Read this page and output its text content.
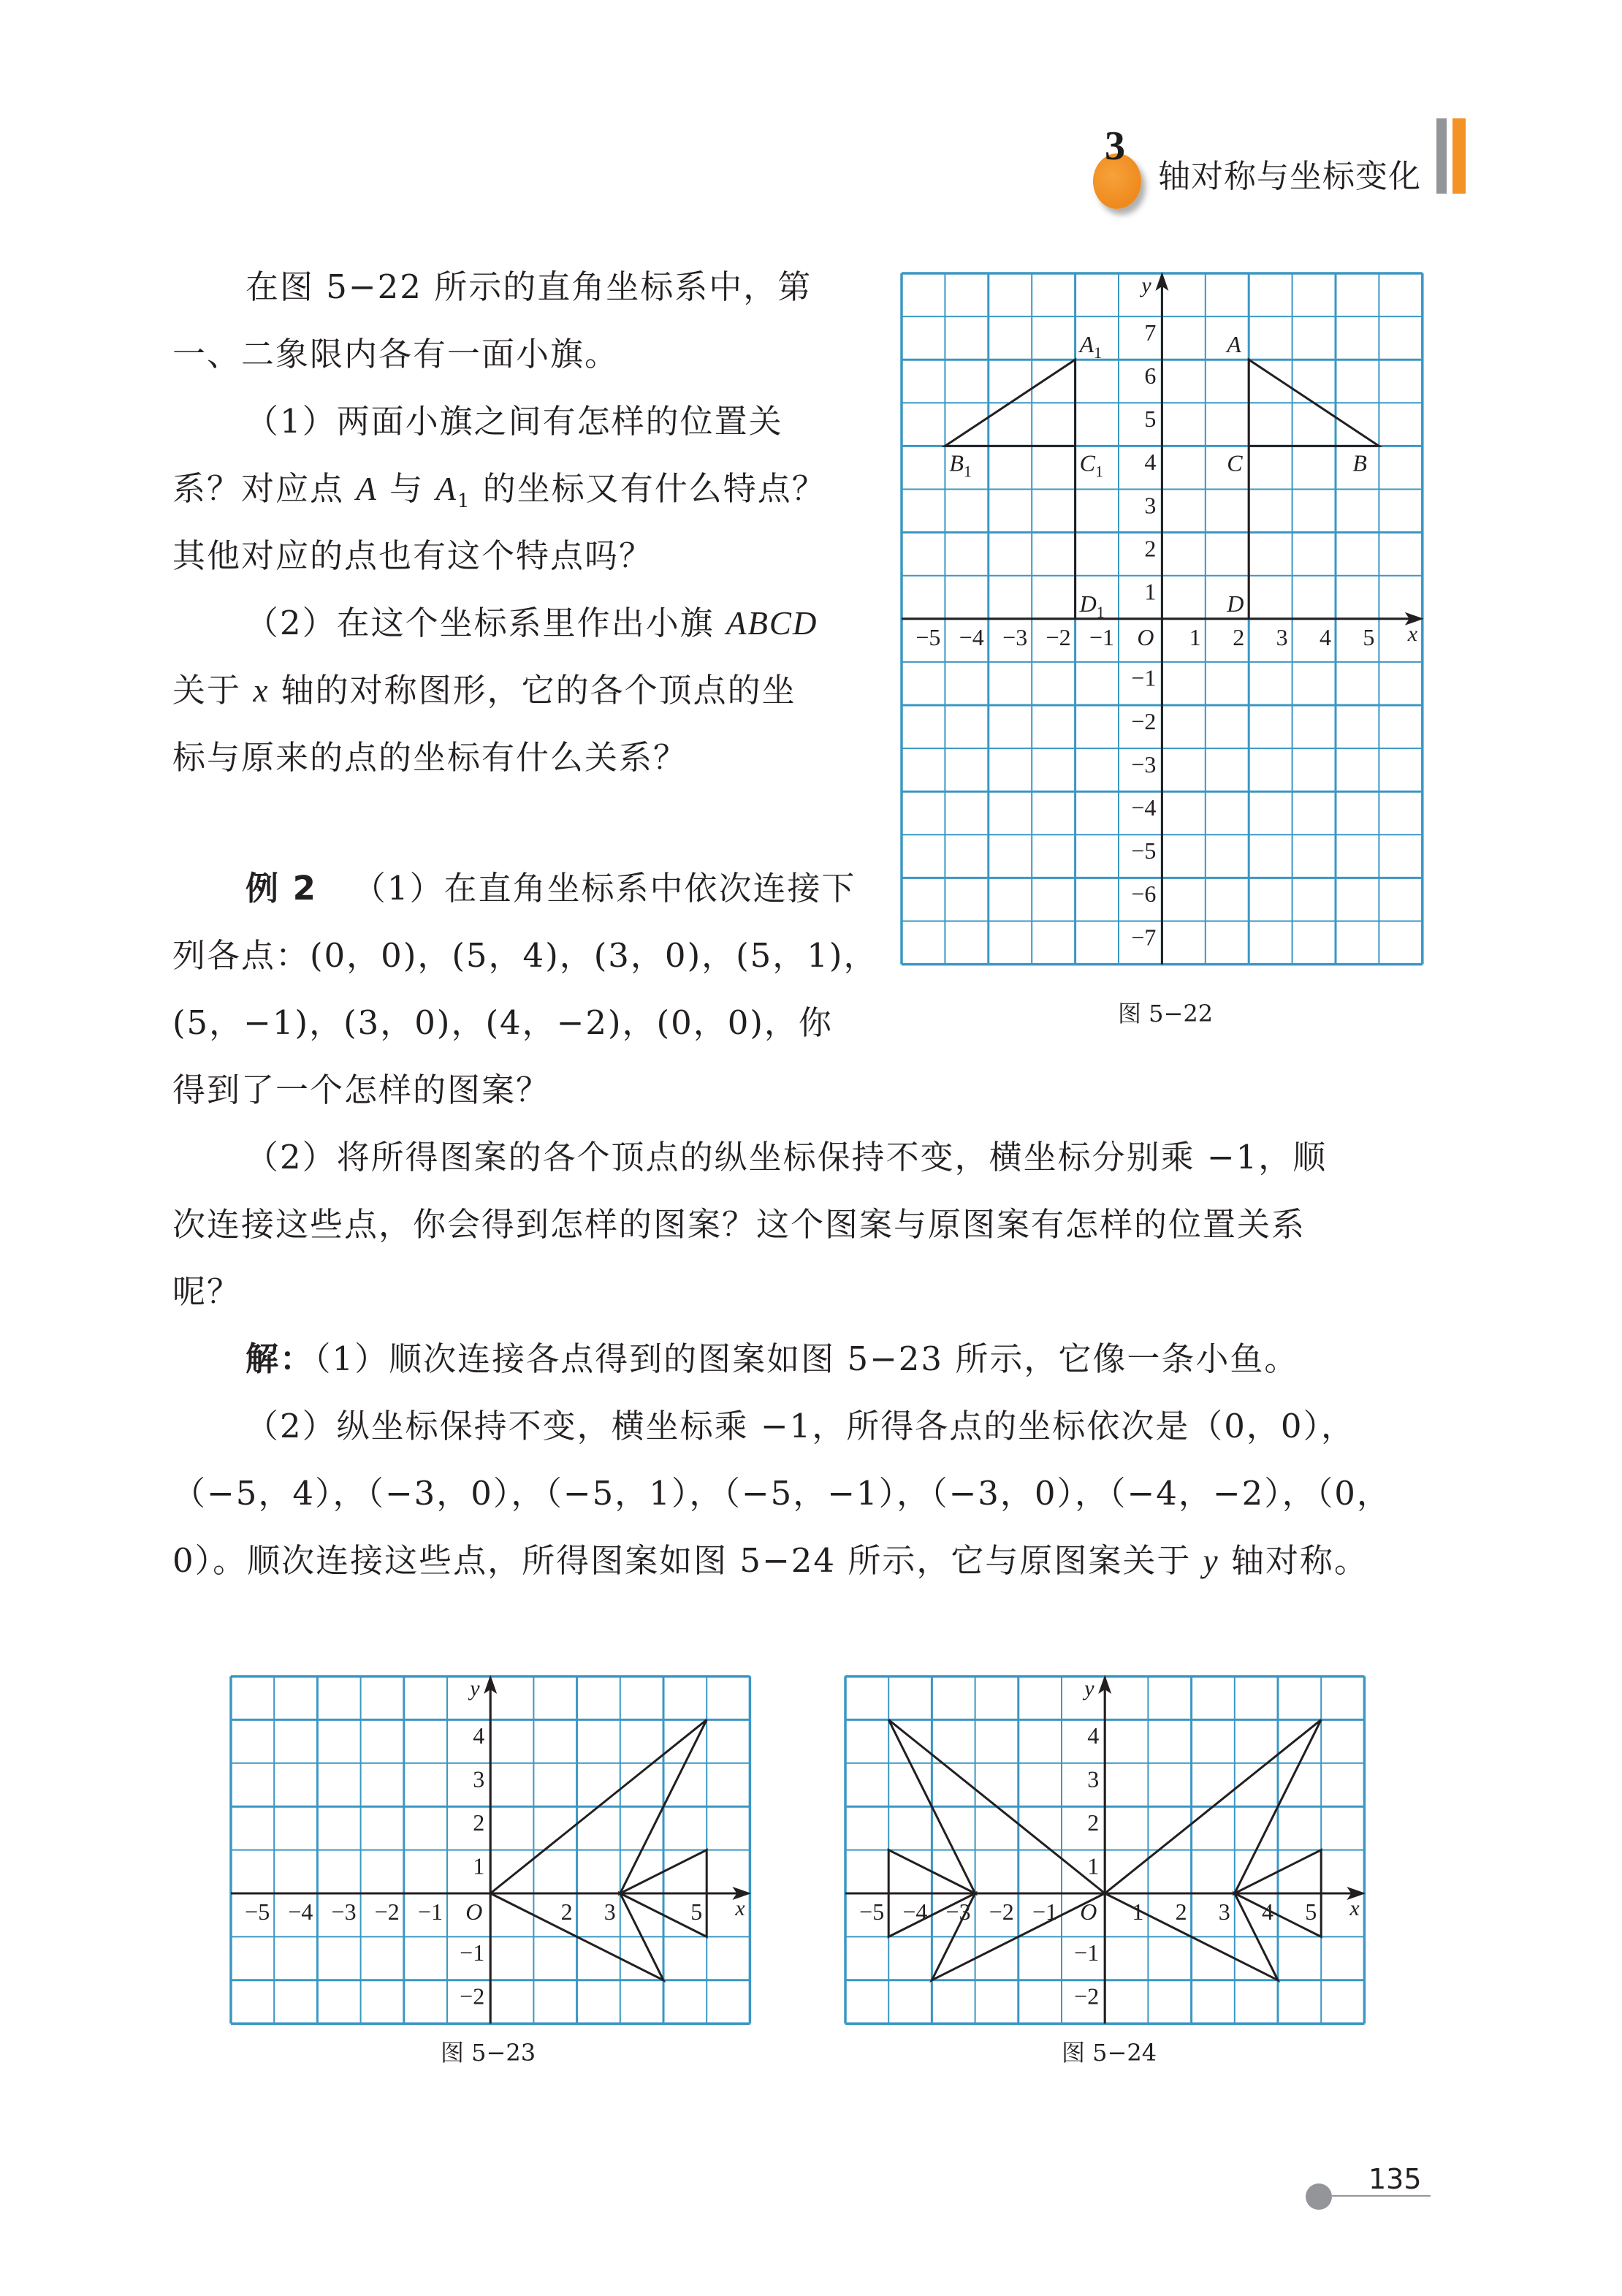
3
轴对称与坐标变化
在图 5−22 所示的直角坐标系中，第
一、二象限内各有一面小旗。
（1）两面小旗之间有怎样的位置关
系？对应点 A 与 $A_1$ 的坐标又有什么特点？
其他对应的点也有这个特点吗？
（2）在这个坐标系里作出小旗 ABCD
关于 x 轴的对称图形，它的各个顶点的坐
标与原来的点的坐标有什么关系？
例 2 （1）在直角坐标系中依次连接下
列各点：(0，0)，(5，4)，(3，0)，(5，1)，
(5，−1)，(3，0)，(4，−2)，(0，0)，你
得到了一个怎样的图案？
（2）将所得图案的各个顶点的纵坐标保持不变，横坐标分别乘 −1，顺
次连接这些点，你会得到怎样的图案？这个图案与原图案有怎样的位置关系
呢？
解：（1）顺次连接各点得到的图案如图 5−23 所示，它像一条小鱼。
（2）纵坐标保持不变，横坐标乘 −1，所得各点的坐标依次是（0，0），
（−5，4），（−3，0），（−5，1），（−5，−1），（−3，0），（−4，−2），（0，
0）。顺次连接这些点，所得图案如图 5−24 所示，它与原图案关于 y 轴对称。
x
y
O
−5 −4 −3 −2 −1	1 2 3 4 5
7
6
5
4
3
2
1
−1
−2
−3
−4
−5
−6
−7
A
B
C
D
$A_1$
$B_1$	$C_1$
$D_1$
图 5−22
x
y
O
−5 −4 −3 −2 −1	2 3	5
4
3
2
1
−1
−2
图 5−23
x
y
O
−5 −4 −3 −2 −1	1 2 3 4 5
4
3
2
1
−1
−2
图 5−24
135
